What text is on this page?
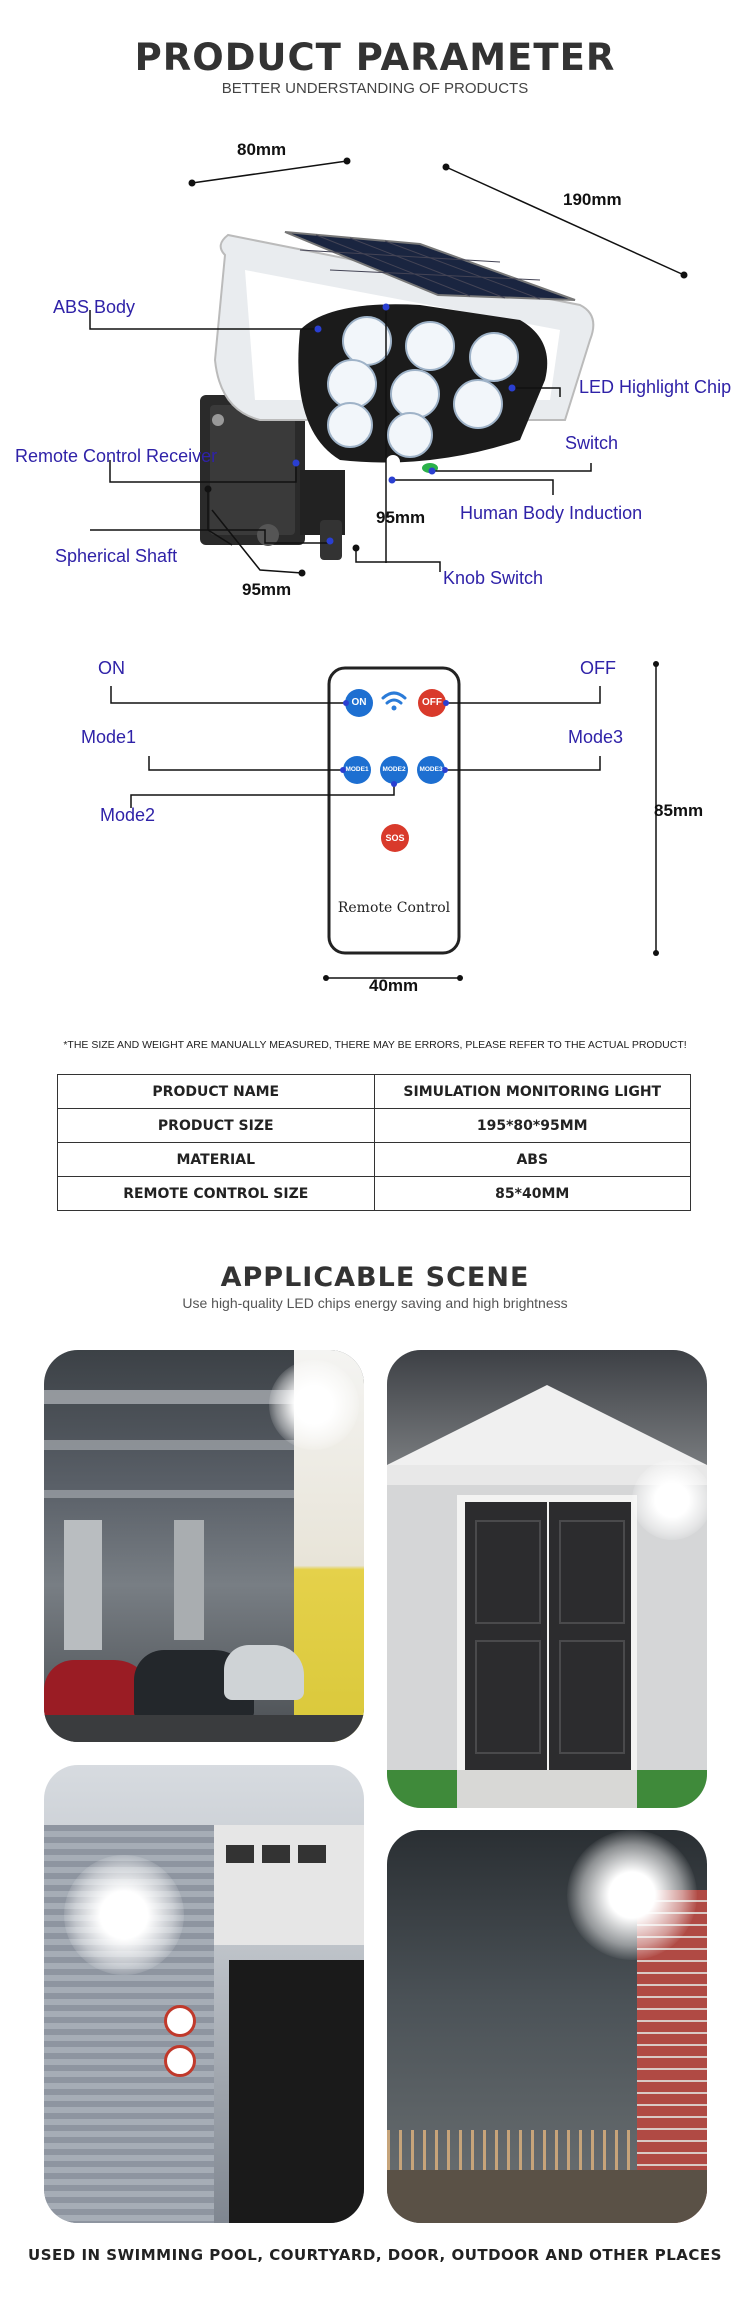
PRODUCT PARAMETER
BETTER UNDERSTANDING OF PRODUCTS
80mm
190mm
95mm
95mm
ABS Body
LED Highlight Chip
Switch
Remote Control Receiver
Human Body Induction
Spherical Shaft
Knob Switch
ON	OFF
MODE1	MODE2	MODE3
SOS
Remote Control
ON	OFF
Mode1	Mode3
Mode2	85mm
40mm
*THE SIZE AND WEIGHT ARE MANUALLY MEASURED, THERE MAY BE ERRORS, PLEASE REFER TO THE ACTUAL PRODUCT!
PRODUCT NAME	SIMULATION MONITORING LIGHT
PRODUCT SIZE	195*80*95MM
MATERIAL	ABS
REMOTE CONTROL SIZE	85*40MM
APPLICABLE SCENE
Use high-quality LED chips energy saving and high brightness
USED IN SWIMMING POOL, COURTYARD, DOOR, OUTDOOR AND OTHER PLACES
